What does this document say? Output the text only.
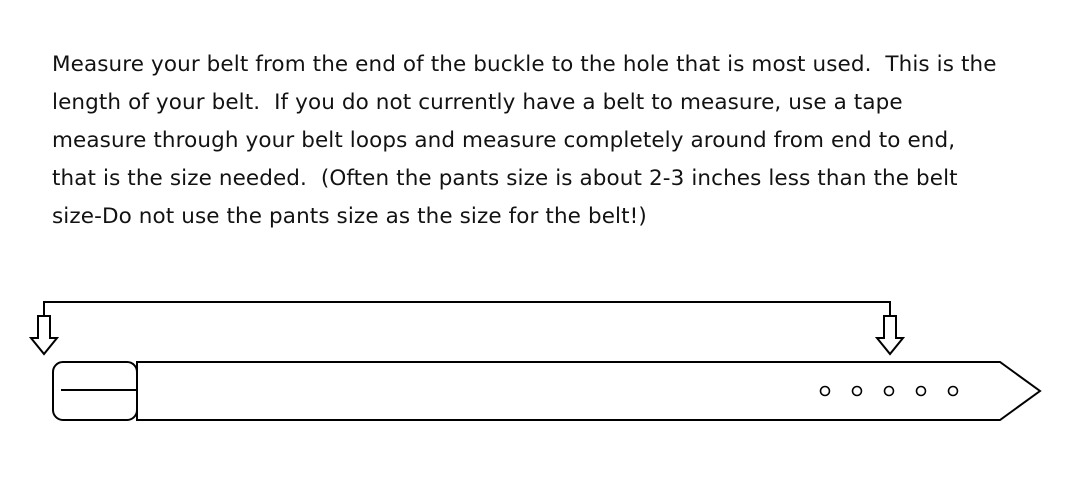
Measure your belt from the end of the buckle to the hole that is most used.  This is the length of your belt.  If you do not currently have a belt to measure, use a tape measure through your belt loops and measure completely around from end to end, that is the size needed.  (Often the pants size is about 2-3 inches less than the belt size-Do not use the pants size as the size for the belt!)
